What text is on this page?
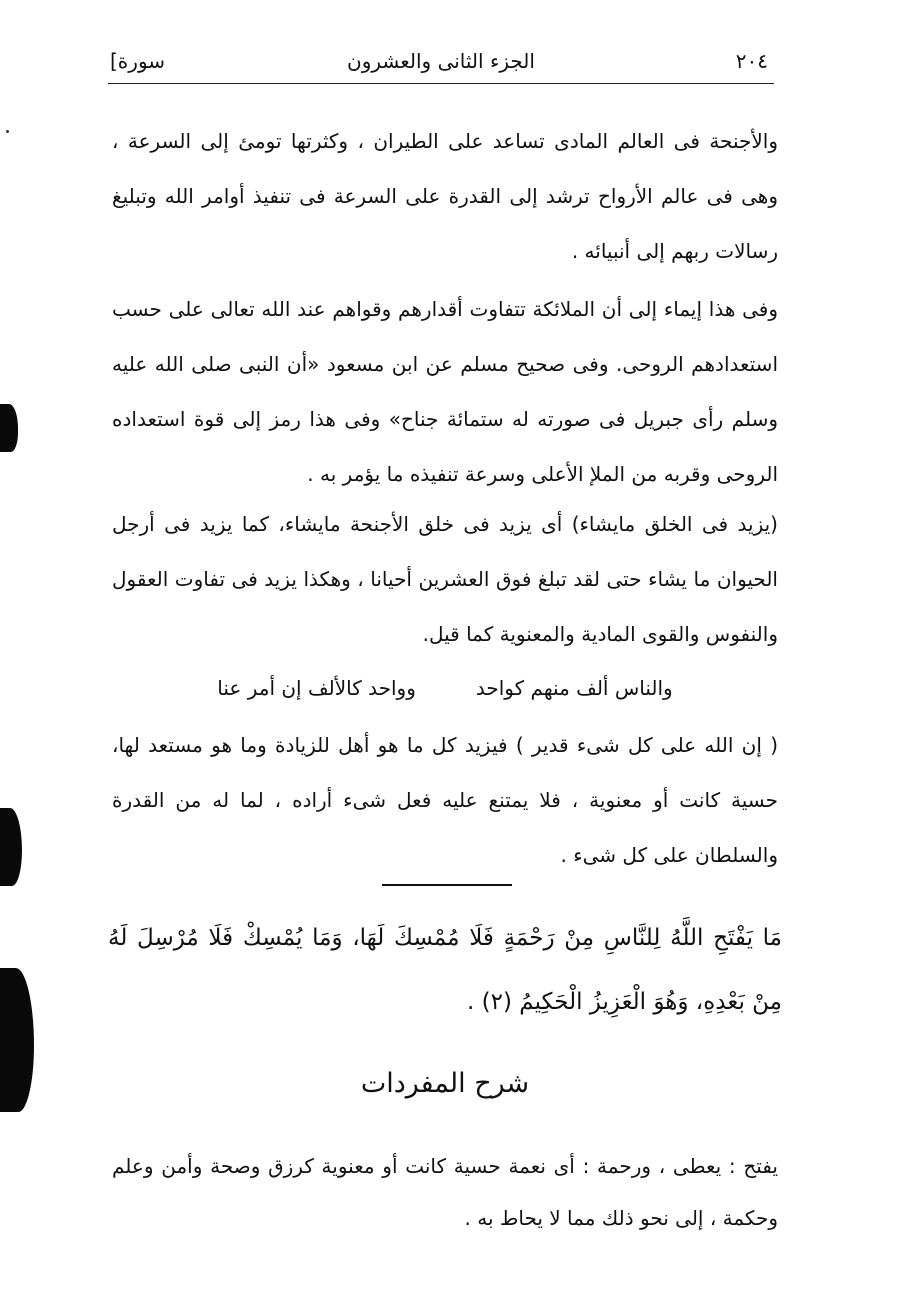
٢٠٤
الجزء الثانى والعشرون
سورة]

والأجنحة فى العالم المادى تساعد على الطيران ، وكثرتها تومئ إلى السرعة ، وهى فى عالم الأرواح ترشد إلى القدرة على السرعة فى تنفيذ أوامر الله وتبليغ رسالات ربهم إلى أنبيائه .

وفى هذا إيماء إلى أن الملائكة تتفاوت أقدارهم وقواهم عند الله تعالى على حسب استعدادهم الروحى. وفى صحيح مسلم عن ابن مسعود «أن النبى صلى الله عليه وسلم رأى جبريل فى صورته له ستمائة جناح» وفى هذا رمز إلى قوة استعداده الروحى وقربه من الملإ الأعلى وسرعة تنفيذه ما يؤمر به .

(يزيد فى الخلق مايشاء) أى يزيد فى خلق الأجنحة مايشاء، كما يزيد فى أرجل الحيوان ما يشاء حتى لقد تبلغ فوق العشرين أحيانا ، وهكذا يزيد فى تفاوت العقول والنفوس والقوى المادية والمعنوية كما قيل.

والناس ألف منهم كواحدوواحد كالألف إن أمر عنا

( إن الله على كل شىء قدير ) فيزيد كل ما هو أهل للزيادة وما هو مستعد لها، حسية كانت أو معنوية ، فلا يمتنع عليه فعل شىء أراده ، لما له من القدرة والسلطان على كل شىء .

مَا يَفْتَحِ اللَّهُ لِلنَّاسِ مِنْ رَحْمَةٍ فَلَا مُمْسِكَ لَهَا، وَمَا يُمْسِكْ فَلَا مُرْسِلَ لَهُ مِنْ بَعْدِهِ، وَهُوَ الْعَزِيزُ الْحَكِيمُ (٢) .

شرح المفردات

يفتح : يعطى ، ورحمة : أى نعمة حسية كانت أو معنوية كرزق وصحة وأمن وعلم وحكمة ، إلى نحو ذلك مما لا يحاط به .
